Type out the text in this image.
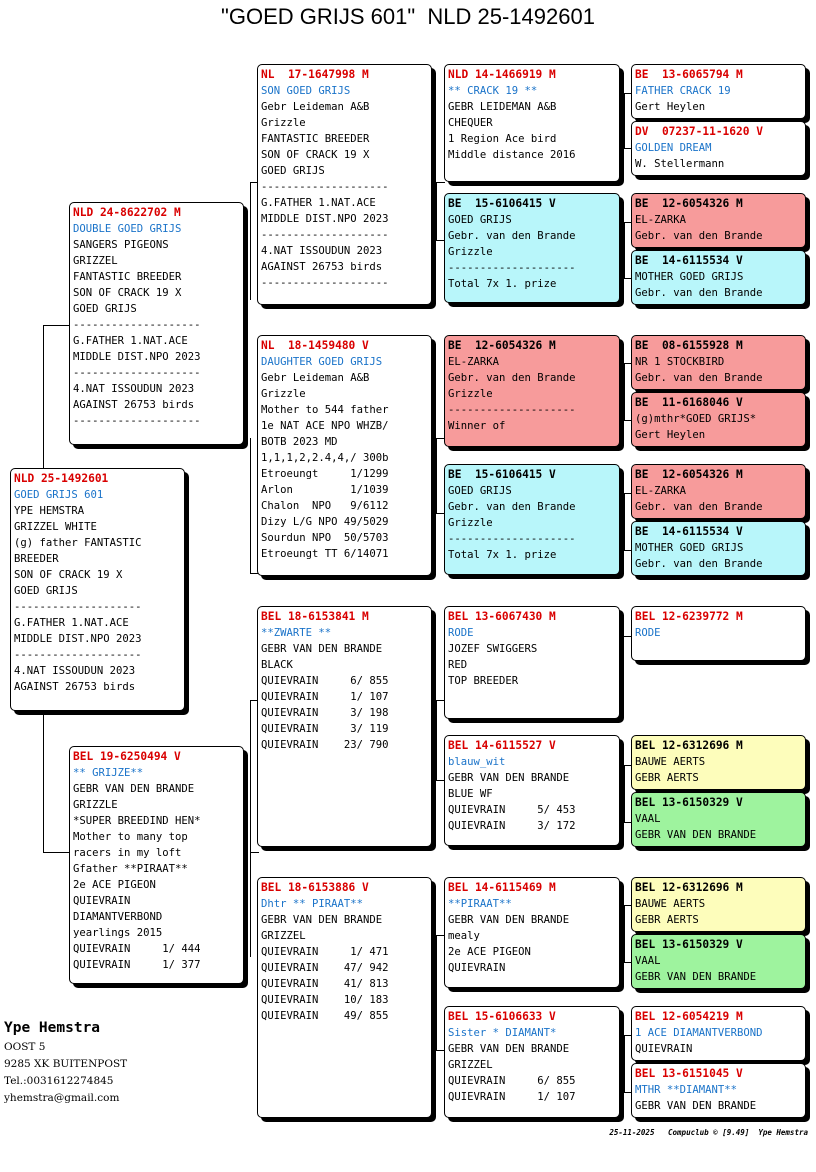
"GOED GRIJS 601"  NLD 25-1492601
NLD 25-1492601
GOED GRIJS 601
YPE HEMSTRA
GRIZZEL WHITE
(g) father FANTASTIC
BREEDER
SON OF CRACK 19 X
GOED GRIJS
--------------------
G.FATHER 1.NAT.ACE
MIDDLE DIST.NPO 2023
--------------------
4.NAT ISSOUDUN 2023
AGAINST 26753 birds
NLD 24-8622702 M
DOUBLE GOED GRIJS
SANGERS PIGEONS
GRIZZEL
FANTASTIC BREEDER
SON OF CRACK 19 X
GOED GRIJS
--------------------
G.FATHER 1.NAT.ACE
MIDDLE DIST.NPO 2023
--------------------
4.NAT ISSOUDUN 2023
AGAINST 26753 birds
--------------------
BEL 19-6250494 V
** GRIJZE**
GEBR VAN DEN BRANDE
GRIZZLE
*SUPER BREEDIND HEN*
Mother to many top
racers in my loft
Gfather **PIRAAT**
2e ACE PIGEON
QUIEVRAIN
DIAMANTVERBOND
yearlings 2015
QUIEVRAIN     1/ 444
QUIEVRAIN     1/ 377
NL  17-1647998 M
SON GOED GRIJS
Gebr Leideman A&B
Grizzle
FANTASTIC BREEDER
SON OF CRACK 19 X
GOED GRIJS
--------------------
G.FATHER 1.NAT.ACE
MIDDLE DIST.NPO 2023
--------------------
4.NAT ISSOUDUN 2023
AGAINST 26753 birds
--------------------
NL  18-1459480 V
DAUGHTER GOED GRIJS
Gebr Leideman A&B
Grizzle
Mother to 544 father
1e NAT ACE NPO WHZB/
BOTB 2023 MD
1,1,1,2,2.4,4,/ 300b
Etroeungt     1/1299
Arlon         1/1039
Chalon  NPO   9/6112
Dizy L/G NPO 49/5029
Sourdun NPO  50/5703
Etroeungt TT 6/14071
BEL 18-6153841 M
**ZWARTE **
GEBR VAN DEN BRANDE
BLACK
QUIEVRAIN     6/ 855
QUIEVRAIN     1/ 107
QUIEVRAIN     3/ 198
QUIEVRAIN     3/ 119
QUIEVRAIN    23/ 790
BEL 18-6153886 V
Dhtr ** PIRAAT**
GEBR VAN DEN BRANDE
GRIZZEL
QUIEVRAIN     1/ 471
QUIEVRAIN    47/ 942
QUIEVRAIN    41/ 813
QUIEVRAIN    10/ 183
QUIEVRAIN    49/ 855
NLD 14-1466919 M
** CRACK 19 **
GEBR LEIDEMAN A&B
CHEQUER
1 Region Ace bird
Middle distance 2016
BE  15-6106415 V
GOED GRIJS
Gebr. van den Brande
Grizzle
--------------------
Total 7x 1. prize
BE  12-6054326 M
EL-ZARKA
Gebr. van den Brande
Grizzle
--------------------
Winner of
BE  15-6106415 V
GOED GRIJS
Gebr. van den Brande
Grizzle
--------------------
Total 7x 1. prize
BEL 13-6067430 M
RODE
JOZEF SWIGGERS
RED
TOP BREEDER
BEL 14-6115527 V
blauw_wit
GEBR VAN DEN BRANDE
BLUE WF
QUIEVRAIN     5/ 453
QUIEVRAIN     3/ 172
BEL 14-6115469 M
**PIRAAT**
GEBR VAN DEN BRANDE
mealy
2e ACE PIGEON
QUIEVRAIN
BEL 15-6106633 V
Sister * DIAMANT*
GEBR VAN DEN BRANDE
GRIZZEL
QUIEVRAIN     6/ 855
QUIEVRAIN     1/ 107
BE  13-6065794 M
FATHER CRACK 19
Gert Heylen
DV  07237-11-1620 V
GOLDEN DREAM
W. Stellermann
BE  12-6054326 M
EL-ZARKA
Gebr. van den Brande
BE  14-6115534 V
MOTHER GOED GRIJS
Gebr. van den Brande
BE  08-6155928 M
NR 1 STOCKBIRD
Gebr. van den Brande
BE  11-6168046 V
(g)mthr*GOED GRIJS*
Gert Heylen
BE  12-6054326 M
EL-ZARKA
Gebr. van den Brande
BE  14-6115534 V
MOTHER GOED GRIJS
Gebr. van den Brande
BEL 12-6239772 M
RODE
BEL 12-6312696 M
BAUWE AERTS
GEBR AERTS
BEL 13-6150329 V
VAAL
GEBR VAN DEN BRANDE
BEL 12-6312696 M
BAUWE AERTS
GEBR AERTS
BEL 13-6150329 V
VAAL
GEBR VAN DEN BRANDE
BEL 12-6054219 M
1 ACE DIAMANTVERBOND
QUIEVRAIN
BEL 13-6151045 V
MTHR **DIAMANT**
GEBR VAN DEN BRANDE
Ype Hemstra
OOST 5
9285 XK BUITENPOST
Tel.:0031612274845
yhemstra@gmail.com
25-11-2025   Compuclub © [9.49]  Ype Hemstra
